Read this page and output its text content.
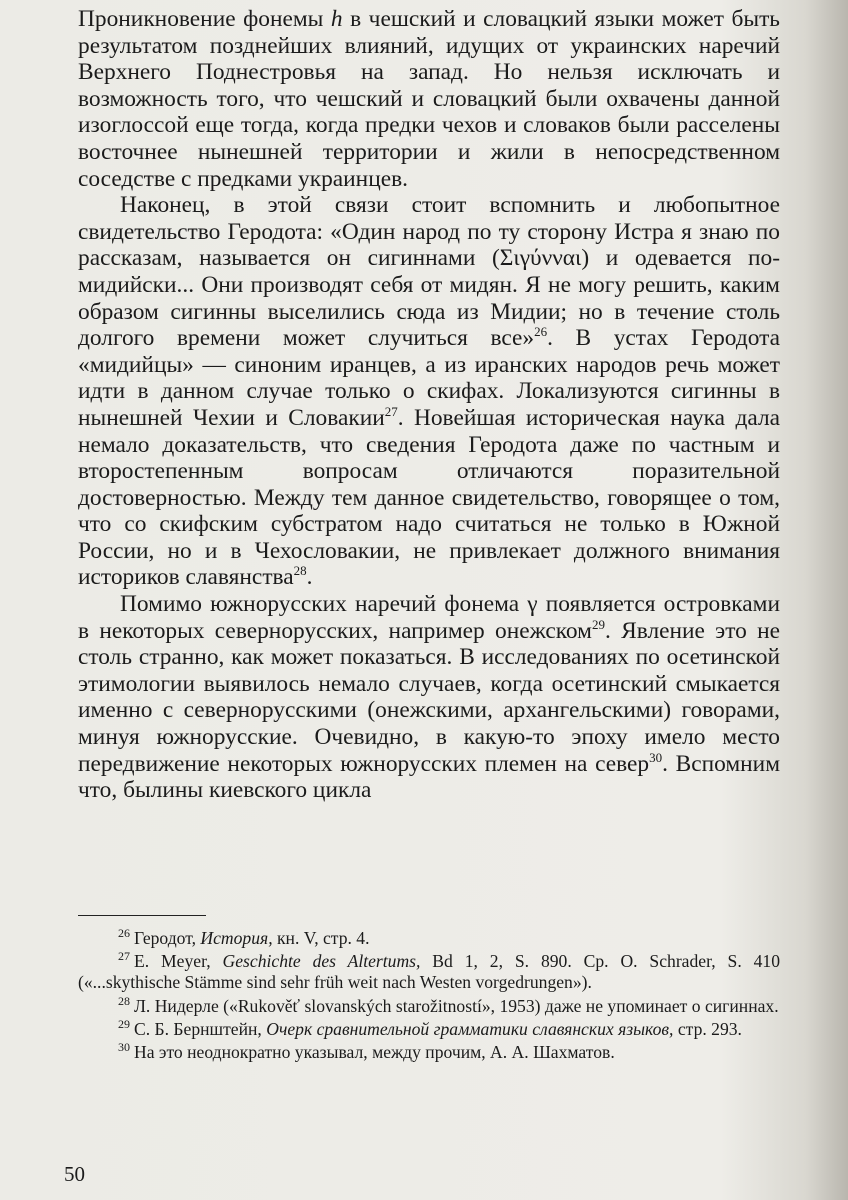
Проникновение фонемы h в чешский и словацкий языки может быть результатом позднейших влияний, идущих от украинских наречий Верхнего Поднестровья на запад. Но нельзя исключать и возможность того, что чешский и словацкий были охвачены данной изоглоссой еще тогда, когда предки чехов и словаков были расселены восточнее нынешней территории и жили в непосредственном соседстве с предками украинцев.

Наконец, в этой связи стоит вспомнить и любопытное свидетельство Геродота: «Один народ по ту сторону Истра я знаю по рассказам, называется он сигиннами (Σιγύνναι) и одевается по-мидийски... Они производят себя от мидян. Я не могу решить, каким образом сигинны выселились сюда из Мидии; но в течение столь долгого времени может случиться все»$^{26}$. В устах Геродота «мидийцы» — синоним иранцев, а из иранских народов речь может идти в данном случае только о скифах. Локализуются сигинны в нынешней Чехии и Словакии$^{27}$. Новейшая историческая наука дала немало доказательств, что сведения Геродота даже по частным и второстепенным вопросам отличаются поразительной достоверностью. Между тем данное свидетельство, говорящее о том, что со скифским субстратом надо считаться не только в Южной России, но и в Чехословакии, не привлекает должного внимания историков славянства$^{28}$.

Помимо южнорусских наречий фонема γ появляется островками в некоторых севернорусских, например онежском$^{29}$. Явление это не столь странно, как может показаться. В исследованиях по осетинской этимологии выявилось немало случаев, когда осетинский смыкается именно с севернорусскими (онежскими, архангельскими) говорами, минуя южнорусские. Очевидно, в какую-то эпоху имело место передвижение некоторых южнорусских племен на север$^{30}$. Вспомним что, былины киевского цикла

$^{26}$ Геродот, История, кн. V, стр. 4.

$^{27}$ E. Meyer, Geschichte des Altertums, Bd 1, 2, S. 890. Ср. O. Schrader, S. 410 («...skythische Stämme sind sehr früh weit nach Westen vorgedrungen»).

$^{28}$ Л. Нидерле («Rukověť slovanských starožitností», 1953) даже не упоминает о сигиннах.

$^{29}$ С. Б. Бернштейн, Очерк сравнительной грамматики славянских языков, стр. 293.

$^{30}$ На это неоднократно указывал, между прочим, А. А. Шахматов.

50
